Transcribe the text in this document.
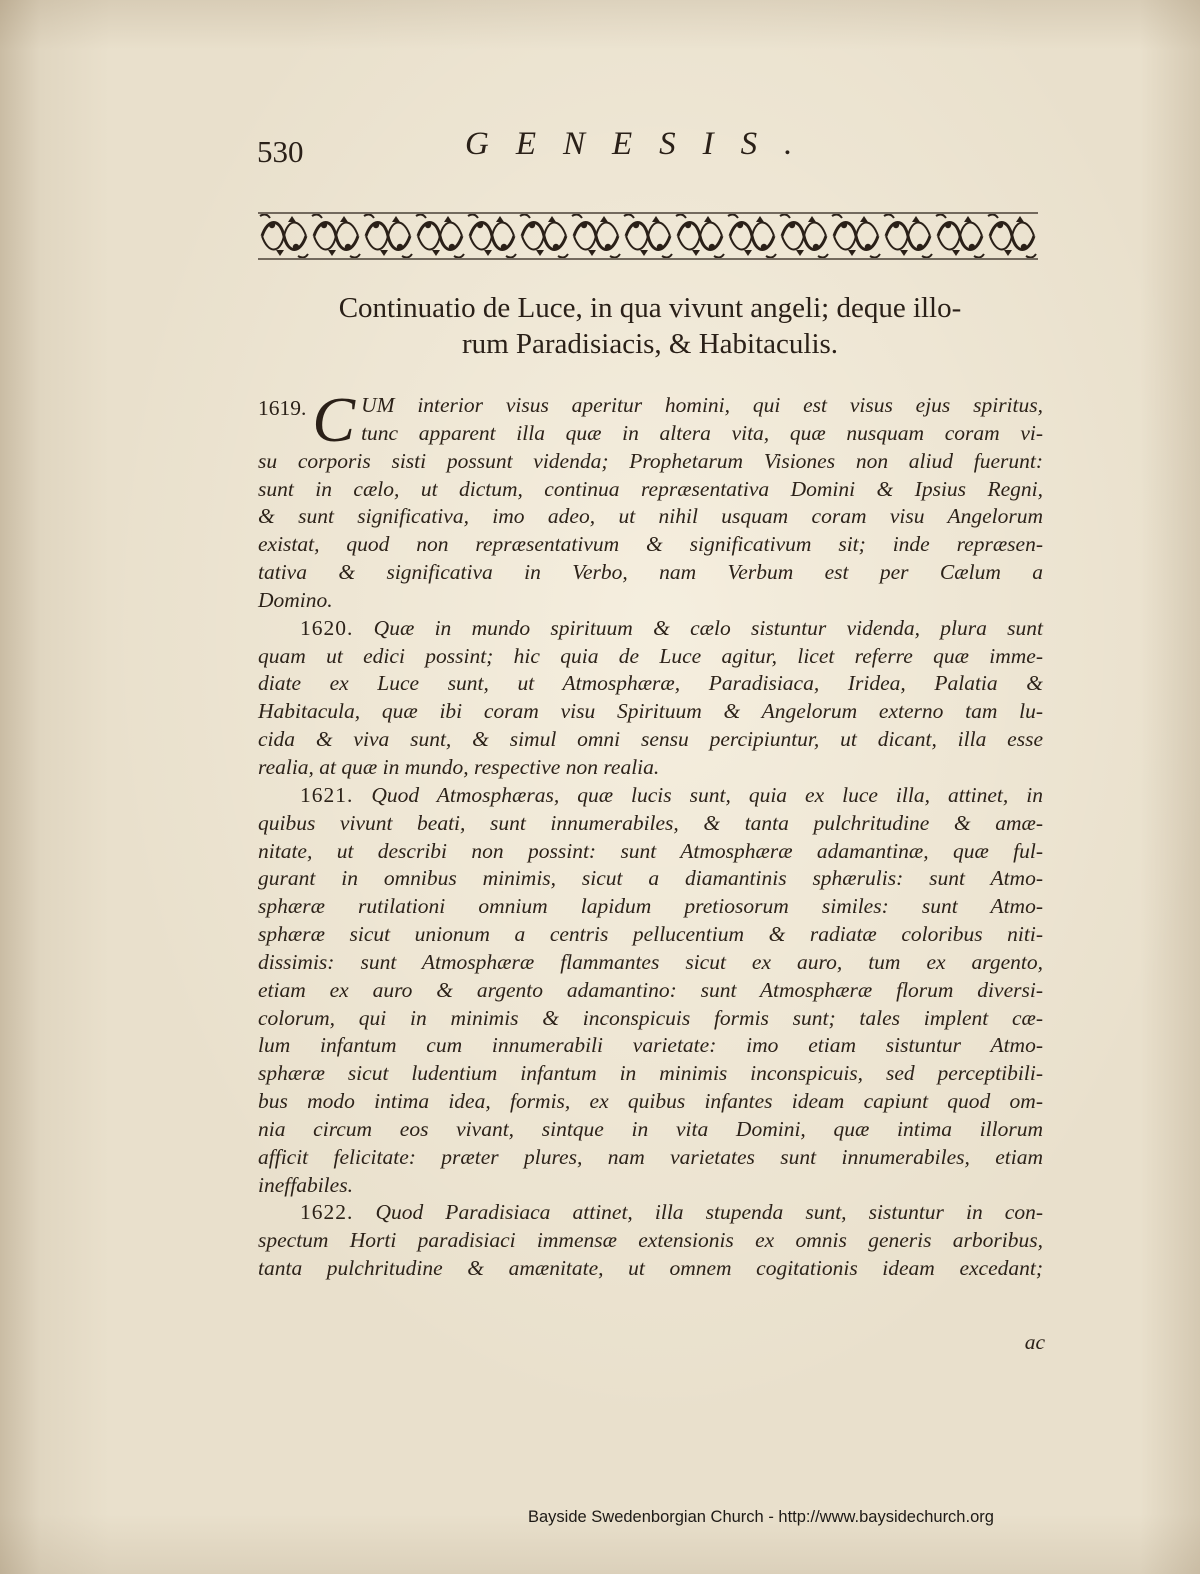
530	GENESIS.
Continuatio de Luce, in qua vivunt angeli; deque illo-
rum Paradisiacis, & Habitaculis.
1619. C UM interior visus aperitur homini, qui est visus ejus spiritus,
tunc apparent illa quæ in altera vita, quæ nusquam coram vi-
su corporis sisti possunt videnda; Prophetarum Visiones non aliud fuerunt:
sunt in cælo, ut dictum, continua repræsentativa Domini & Ipsius Regni,
& sunt significativa, imo adeo, ut nihil usquam coram visu Angelorum
existat, quod non repræsentativum & significativum sit; inde repræsen-
tativa & significativa in Verbo, nam Verbum est per Cælum a
Domino.
1620. Quæ in mundo spirituum & cælo sistuntur videnda, plura sunt
quam ut edici possint; hic quia de Luce agitur, licet referre quæ imme-
diate ex Luce sunt, ut Atmosphæræ, Paradisiaca, Iridea, Palatia &
Habitacula, quæ ibi coram visu Spirituum & Angelorum externo tam lu-
cida & viva sunt, & simul omni sensu percipiuntur, ut dicant, illa esse
realia, at quæ in mundo, respective non realia.
1621. Quod Atmosphæras, quæ lucis sunt, quia ex luce illa, attinet, in
quibus vivunt beati, sunt innumerabiles, & tanta pulchritudine & amæ-
nitate, ut describi non possint: sunt Atmosphæræ adamantinæ, quæ ful-
gurant in omnibus minimis, sicut a diamantinis sphærulis: sunt Atmo-
sphæræ rutilationi omnium lapidum pretiosorum similes: sunt Atmo-
sphæræ sicut unionum a centris pellucentium & radiatæ coloribus niti-
dissimis: sunt Atmosphæræ flammantes sicut ex auro, tum ex argento,
etiam ex auro & argento adamantino: sunt Atmosphæræ florum diversi-
colorum, qui in minimis & inconspicuis formis sunt; tales implent cæ-
lum infantum cum innumerabili varietate: imo etiam sistuntur Atmo-
sphæræ sicut ludentium infantum in minimis inconspicuis, sed perceptibili-
bus modo intima idea, formis, ex quibus infantes ideam capiunt quod om-
nia circum eos vivant, sintque in vita Domini, quæ intima illorum
afficit felicitate: præter plures, nam varietates sunt innumerabiles, etiam
ineffabiles.
1622. Quod Paradisiaca attinet, illa stupenda sunt, sistuntur in con-
spectum Horti paradisiaci immensæ extensionis ex omnis generis arboribus,
tanta pulchritudine & amænitate, ut omnem cogitationis ideam excedant;
ac
Bayside Swedenborgian Church - http://www.baysidechurch.org
